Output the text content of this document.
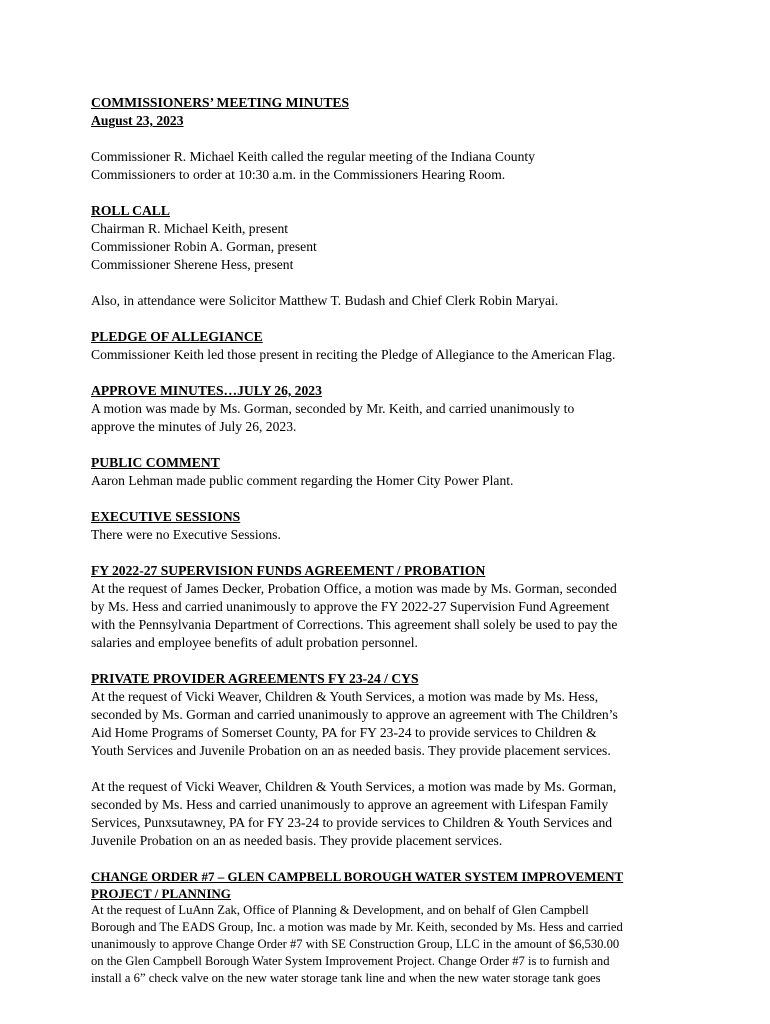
COMMISSIONERS’ MEETING MINUTES
August 23, 2023
Commissioner R. Michael Keith called the regular meeting of the Indiana County
Commissioners to order at 10:30 a.m. in the Commissioners Hearing Room.
ROLL CALL
Chairman R. Michael Keith, present
Commissioner Robin A. Gorman, present
Commissioner Sherene Hess, present
Also, in attendance were Solicitor Matthew T. Budash and Chief Clerk Robin Maryai.
PLEDGE OF ALLEGIANCE
Commissioner Keith led those present in reciting the Pledge of Allegiance to the American Flag.
APPROVE MINUTES…JULY 26, 2023
A motion was made by Ms. Gorman, seconded by Mr. Keith, and carried unanimously to
approve the minutes of July 26, 2023.
PUBLIC COMMENT
Aaron Lehman made public comment regarding the Homer City Power Plant.
EXECUTIVE SESSIONS
There were no Executive Sessions.
FY 2022-27 SUPERVISION FUNDS AGREEMENT / PROBATION
At the request of James Decker, Probation Office, a motion was made by Ms. Gorman, seconded
by Ms. Hess and carried unanimously to approve the FY 2022-27 Supervision Fund Agreement
with the Pennsylvania Department of Corrections. This agreement shall solely be used to pay the
salaries and employee benefits of adult probation personnel.
PRIVATE PROVIDER AGREEMENTS FY 23-24 / CYS
At the request of Vicki Weaver, Children & Youth Services, a motion was made by Ms. Hess,
seconded by Ms. Gorman and carried unanimously to approve an agreement with The Children’s
Aid Home Programs of Somerset County, PA for FY 23-24 to provide services to Children &
Youth Services and Juvenile Probation on an as needed basis. They provide placement services.
At the request of Vicki Weaver, Children & Youth Services, a motion was made by Ms. Gorman,
seconded by Ms. Hess and carried unanimously to approve an agreement with Lifespan Family
Services, Punxsutawney, PA for FY 23-24 to provide services to Children & Youth Services and
Juvenile Probation on an as needed basis. They provide placement services.
CHANGE ORDER #7 – GLEN CAMPBELL BOROUGH WATER SYSTEM IMPROVEMENT
PROJECT / PLANNING
At the request of LuAnn Zak, Office of Planning & Development, and on behalf of Glen Campbell
Borough and The EADS Group, Inc. a motion was made by Mr. Keith, seconded by Ms. Hess and carried
unanimously to approve Change Order #7 with SE Construction Group, LLC in the amount of $6,530.00
on the Glen Campbell Borough Water System Improvement Project. Change Order #7 is to furnish and
install a 6” check valve on the new water storage tank line and when the new water storage tank goes
